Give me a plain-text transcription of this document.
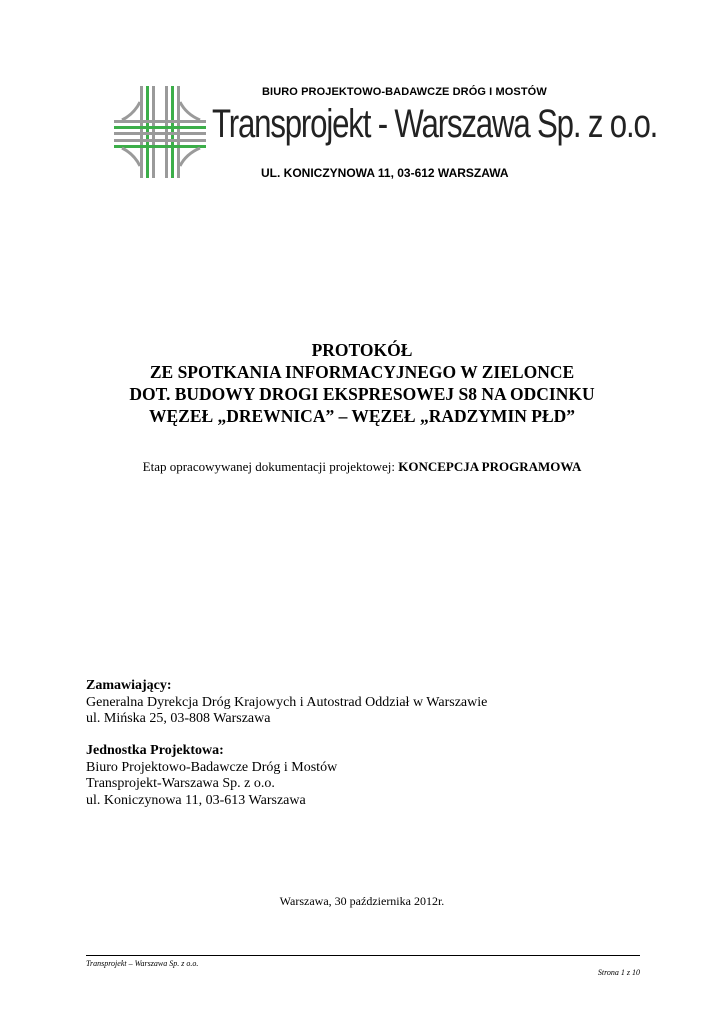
BIURO PROJEKTOWO-BADAWCZE DRÓG I MOSTÓW
Transprojekt - Warszawa Sp. z o.o.
UL. KONICZYNOWA 11, 03-612 WARSZAWA
PROTOKÓŁ
ZE SPOTKANIA INFORMACYJNEGO W ZIELONCE
DOT. BUDOWY DROGI EKSPRESOWEJ S8 NA ODCINKU
WĘZEŁ „DREWNICA” – WĘZEŁ „RADZYMIN PŁD”
Etap opracowywanej dokumentacji projektowej: KONCEPCJA PROGRAMOWA
Zamawiający:
Generalna Dyrekcja Dróg Krajowych i Autostrad Oddział w Warszawie
ul. Mińska 25, 03-808 Warszawa
Jednostka Projektowa:
Biuro Projektowo-Badawcze Dróg i Mostów
Transprojekt-Warszawa Sp. z o.o.
ul. Koniczynowa 11, 03-613 Warszawa
Warszawa, 30 października 2012r.
Transprojekt – Warszawa Sp. z o.o.
Strona 1 z 10
